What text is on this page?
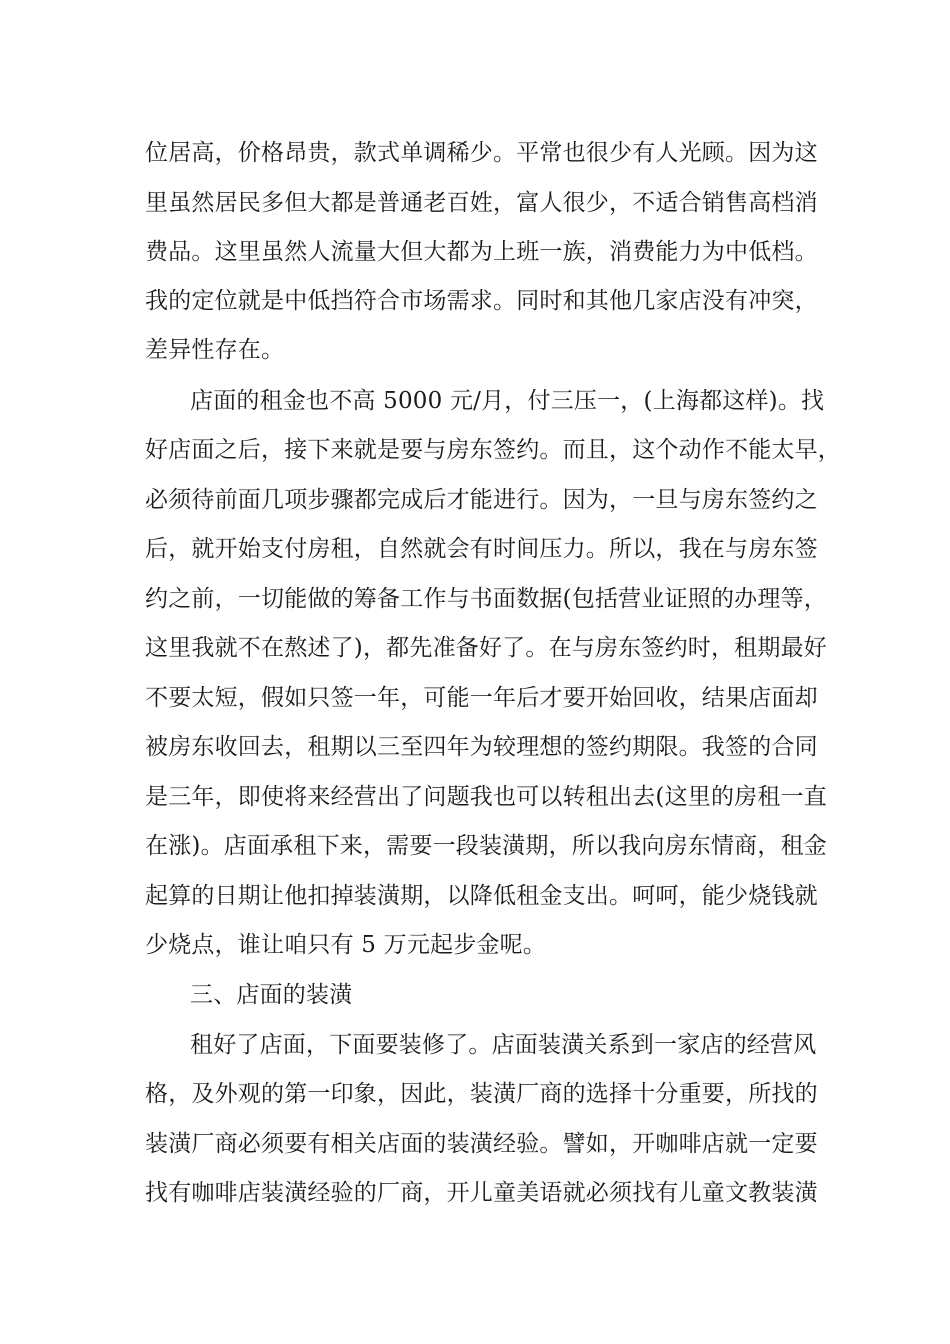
位居高，价格昂贵，款式单调稀少。平常也很少有人光顾。因为这

里虽然居民多但大都是普通老百姓，富人很少，不适合销售高档消

费品。这里虽然人流量大但大都为上班一族，消费能力为中低档。

我的定位就是中低挡符合市场需求。同时和其他几家店没有冲突，

差异性存在。

店面的租金也不高 5000 元/月，付三压一，(上海都这样)。找

好店面之后，接下来就是要与房东签约。而且，这个动作不能太早，

必须待前面几项步骤都完成后才能进行。因为，一旦与房东签约之

后，就开始支付房租，自然就会有时间压力。所以，我在与房东签

约之前，一切能做的筹备工作与书面数据(包括营业证照的办理等，

这里我就不在熬述了)，都先准备好了。在与房东签约时，租期最好

不要太短，假如只签一年，可能一年后才要开始回收，结果店面却

被房东收回去，租期以三至四年为较理想的签约期限。我签的合同

是三年，即使将来经营出了问题我也可以转租出去(这里的房租一直

在涨)。店面承租下来，需要一段装潢期，所以我向房东情商，租金

起算的日期让他扣掉装潢期，以降低租金支出。呵呵，能少烧钱就

少烧点，谁让咱只有 5 万元起步金呢。

三、店面的装潢

租好了店面，下面要装修了。店面装潢关系到一家店的经营风

格，及外观的第一印象，因此，装潢厂商的选择十分重要，所找的

装潢厂商必须要有相关店面的装潢经验。譬如，开咖啡店就一定要

找有咖啡店装潢经验的厂商，开儿童美语就必须找有儿童文教装潢
